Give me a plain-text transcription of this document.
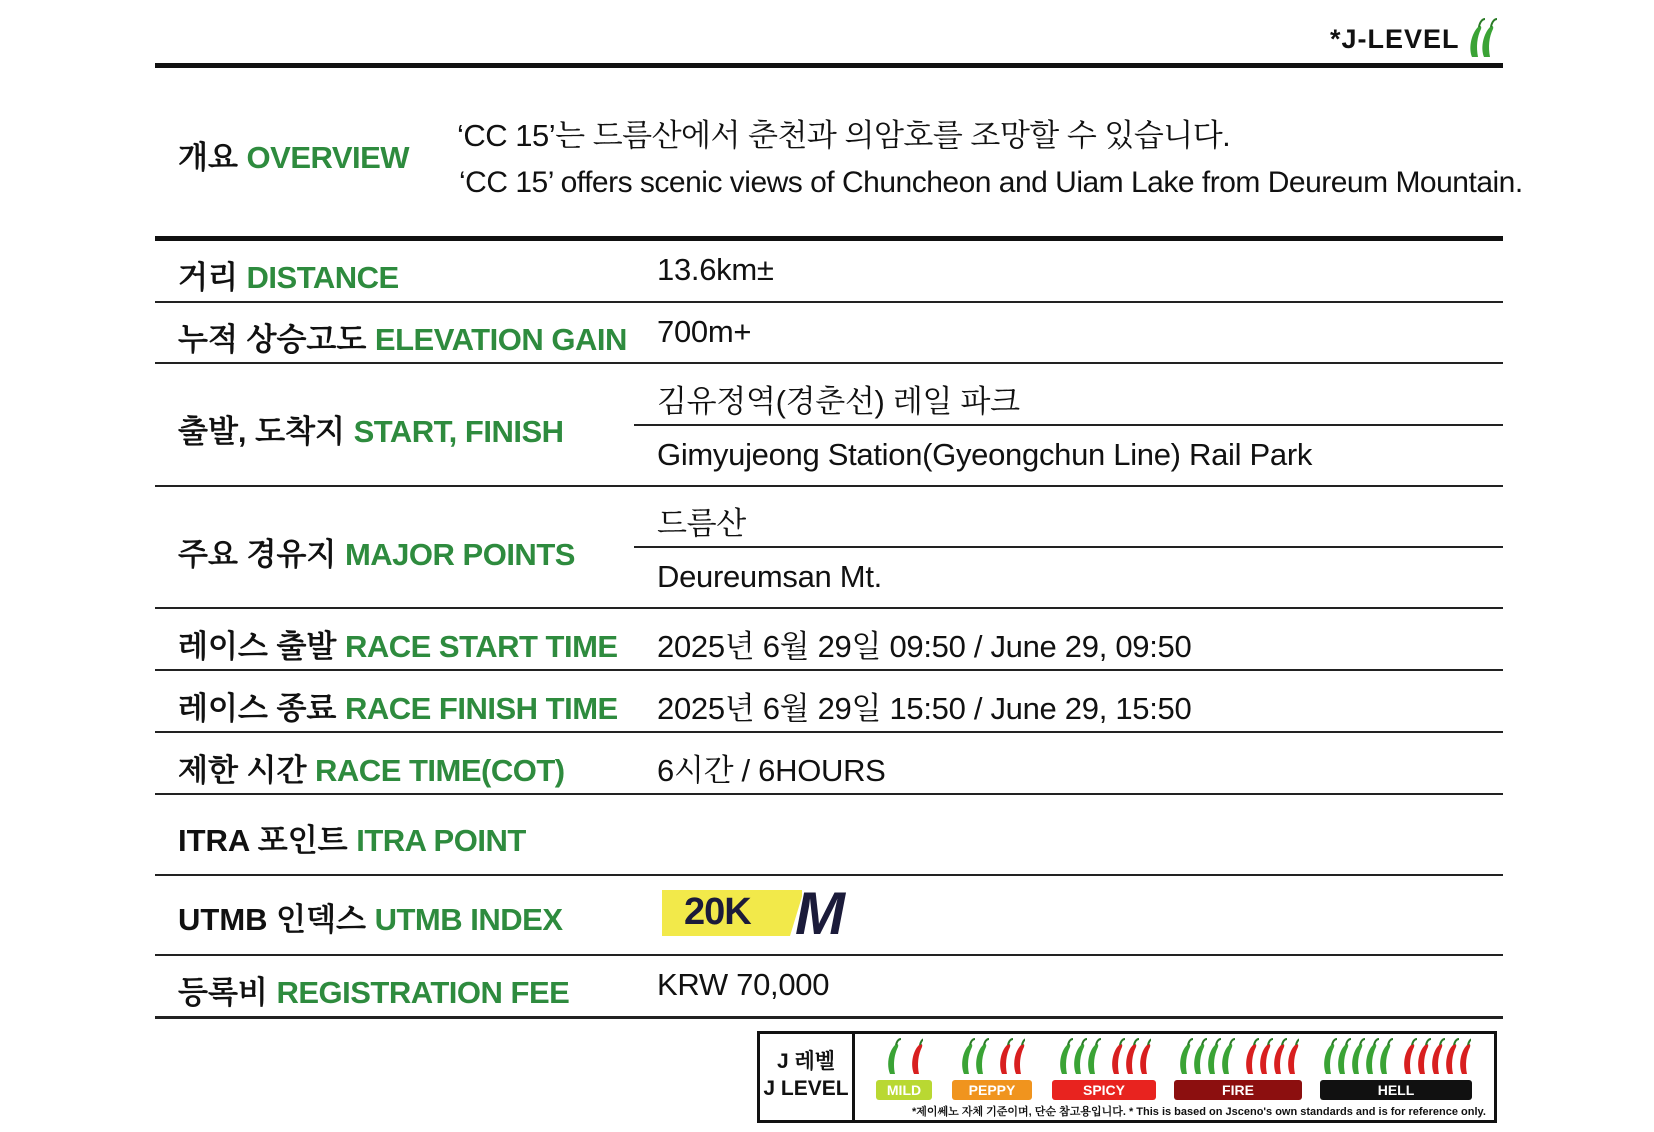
*J-LEVEL
개요 OVERVIEW
‘CC 15’는 드름산에서 춘천과 의암호를 조망할 수 있습니다.
‘CC 15’ offers scenic views of Chuncheon and Uiam Lake from Deureum Mountain.
거리 DISTANCE	13.6km±
누적 상승고도 ELEVATION GAIN 700m+
출발, 도착지 START, FINISH
김유정역(경춘선) 레일 파크
Gimyujeong Station(Gyeongchun Line) Rail Park
주요 경유지 MAJOR POINTS
드름산
Deureumsan Mt.
레이스 출발 RACE START TIME 2025년 6월 29일 09:50 / June 29, 09:50
레이스 종료 RACE FINISH TIME 2025년 6월 29일 15:50 / June 29, 15:50
제한 시간 RACE TIME(COT)	6시간 / 6HOURS
ITRA 포인트 ITRA POINT
UTMB 인덱스 UTMB INDEX	20K M
등록비 REGISTRATION FEE	KRW 70,000
J 레벨
J LEVEL	MILD	PEPPY	SPICY	FIRE	HELL
*제이쎄노 자체 기준이며, 단순 참고용입니다. * This is based on Jsceno's own standards and is for reference only.
